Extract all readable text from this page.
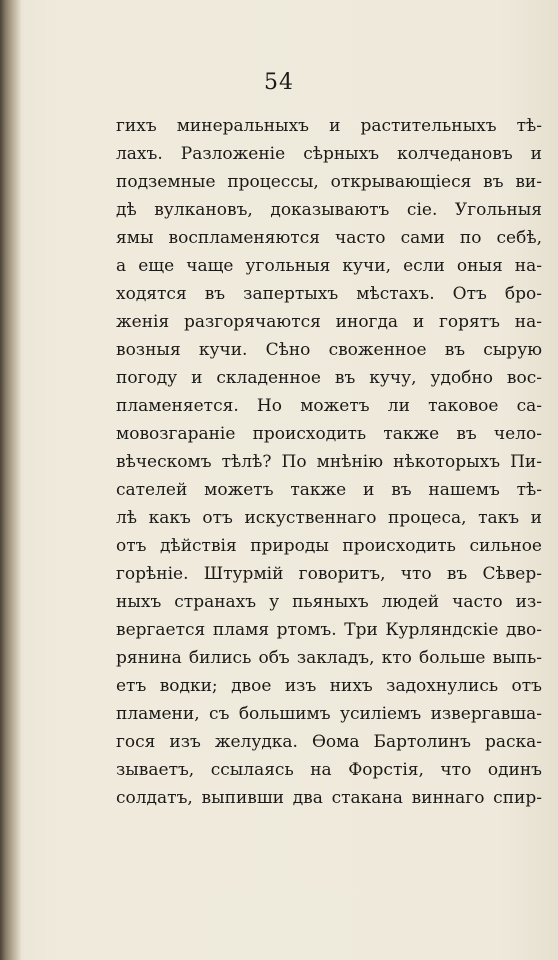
54
гихъ минеральныхъ и растительныхъ тѣ-
лахъ. Разложеніе сѣрныхъ колчедановъ и
подземные процессы, открывающіеся въ ви-
дѣ вулкановъ, доказываютъ сіе. Угольныя
ямы воспламеняются часто сами по себѣ,
а еще чаще угольныя кучи, если оныя на-
ходятся въ запертыхъ мѣстахъ. Отъ бро-
женія разгорячаются иногда и горятъ на-
возныя кучи. Сѣно своженное въ сырую
погоду и складенное въ кучу, удобно вос-
пламеняется. Но можетъ ли таковое са-
мовозгараніе происходить также въ чело-
вѣческомъ тѣлѣ? По мнѣнію нѣкоторыхъ Пи-
сателей можетъ также и въ нашемъ тѣ-
лѣ какъ отъ искуственнаго процеса, такъ и
отъ дѣйствія природы происходить сильное
горѣніе. Штурмій говоритъ, что въ Сѣвер-
ныхъ странахъ у пьяныхъ людей часто из-
вергается пламя ртомъ. Три Курляндскіе дво-
рянина бились объ закладъ, кто больше выпь-
етъ водки; двое изъ нихъ задохнулись отъ
пламени, съ большимъ усиліемъ извергавша-
гося изъ желудка. Ѳома Бартолинъ раска-
зываетъ, ссылаясь на Форстія, что одинъ
солдатъ, выпивши два стакана виннаго спир-
